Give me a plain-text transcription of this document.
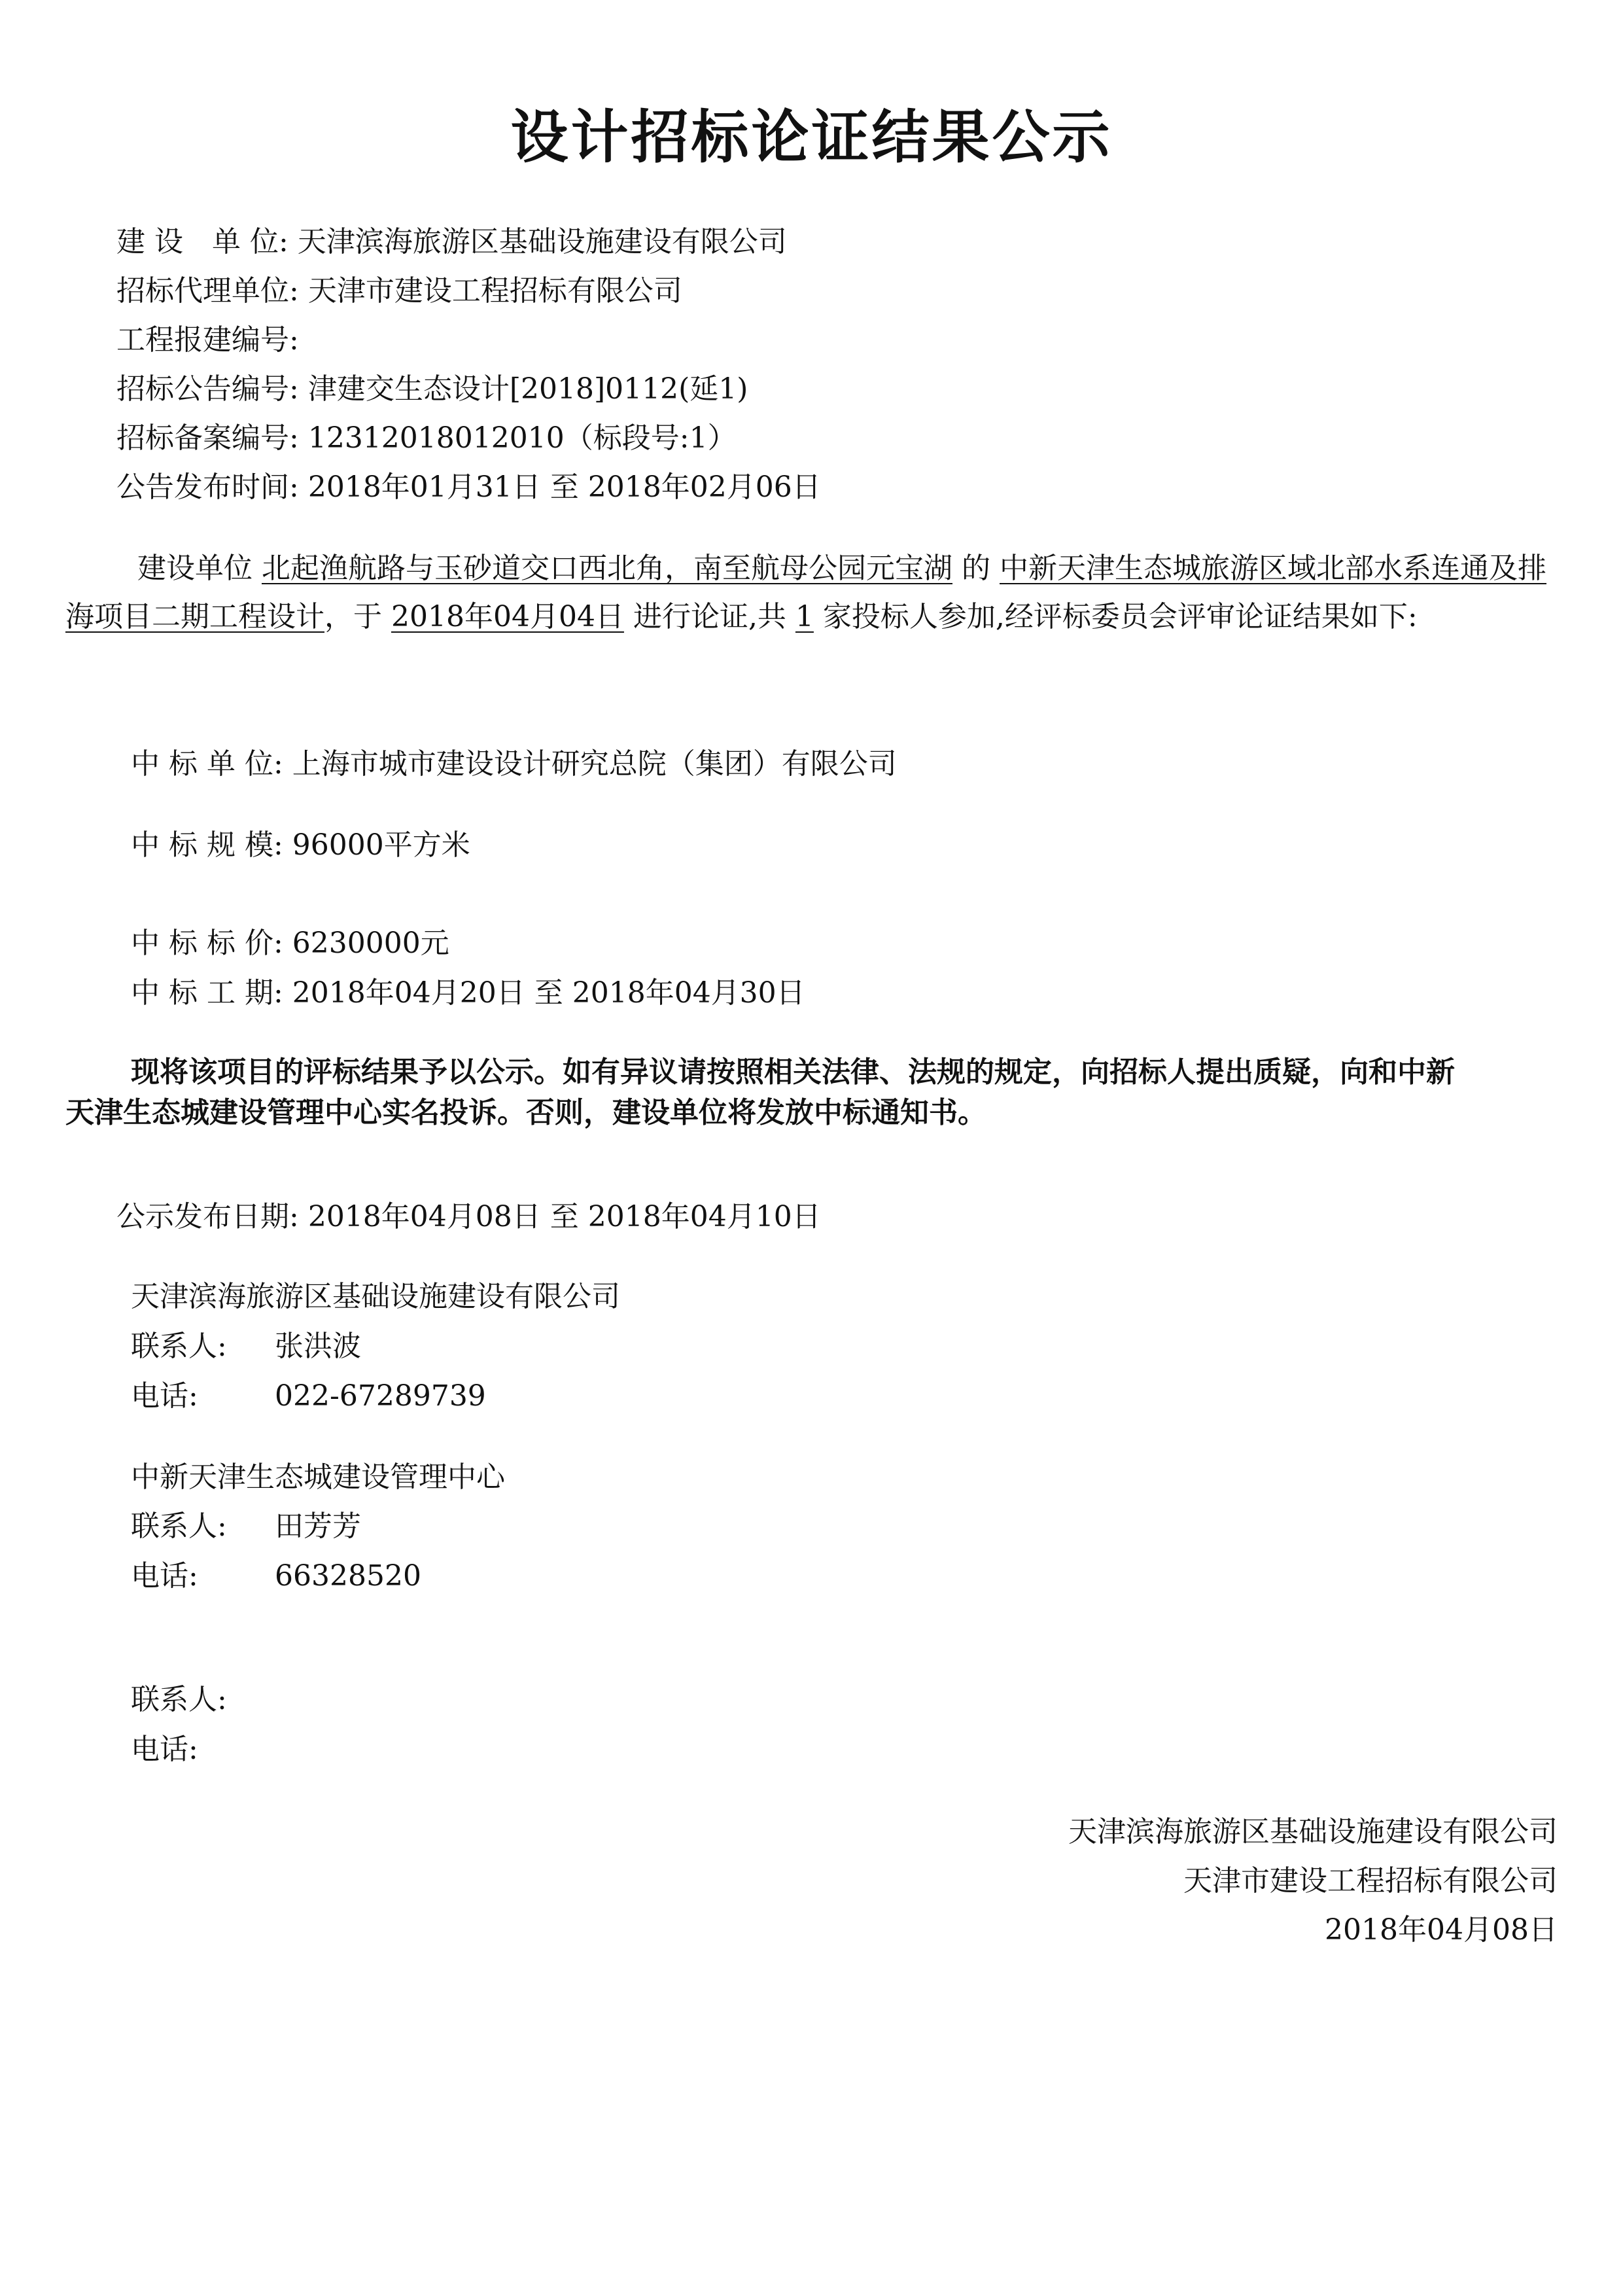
设计招标论证结果公示
建 设　单 位: 天津滨海旅游区基础设施建设有限公司
招标代理单位: 天津市建设工程招标有限公司
工程报建编号:
招标公告编号: 津建交生态设计[2018]0112(延1)
招标备案编号: 12312018012010（标段号:1）
公告发布时间: 2018年01月31日 至 2018年02月06日
建设单位 北起渔航路与玉砂道交口西北角，南至航母公园元宝湖 的 中新天津生态城旅游区域北部水系连通及排海项目二期工程设计，于 2018年04月04日 进行论证,共 1 家投标人参加,经评标委员会评审论证结果如下:
中 标 单 位: 上海市城市建设设计研究总院（集团）有限公司
中 标 规 模: 96000平方米
中 标 标 价: 6230000元
中 标 工 期: 2018年04月20日 至 2018年04月30日
现将该项目的评标结果予以公示。如有异议请按照相关法律、法规的规定，向招标人提出质疑，向和中新天津生态城建设管理中心实名投诉。否则，建设单位将发放中标通知书。
公示发布日期: 2018年04月08日 至 2018年04月10日
天津滨海旅游区基础设施建设有限公司
联系人: 张洪波
电话:	022-67289739
中新天津生态城建设管理中心
联系人: 田芳芳
电话:	66328520
联系人:
电话:
天津滨海旅游区基础设施建设有限公司
天津市建设工程招标有限公司
2018年04月08日
